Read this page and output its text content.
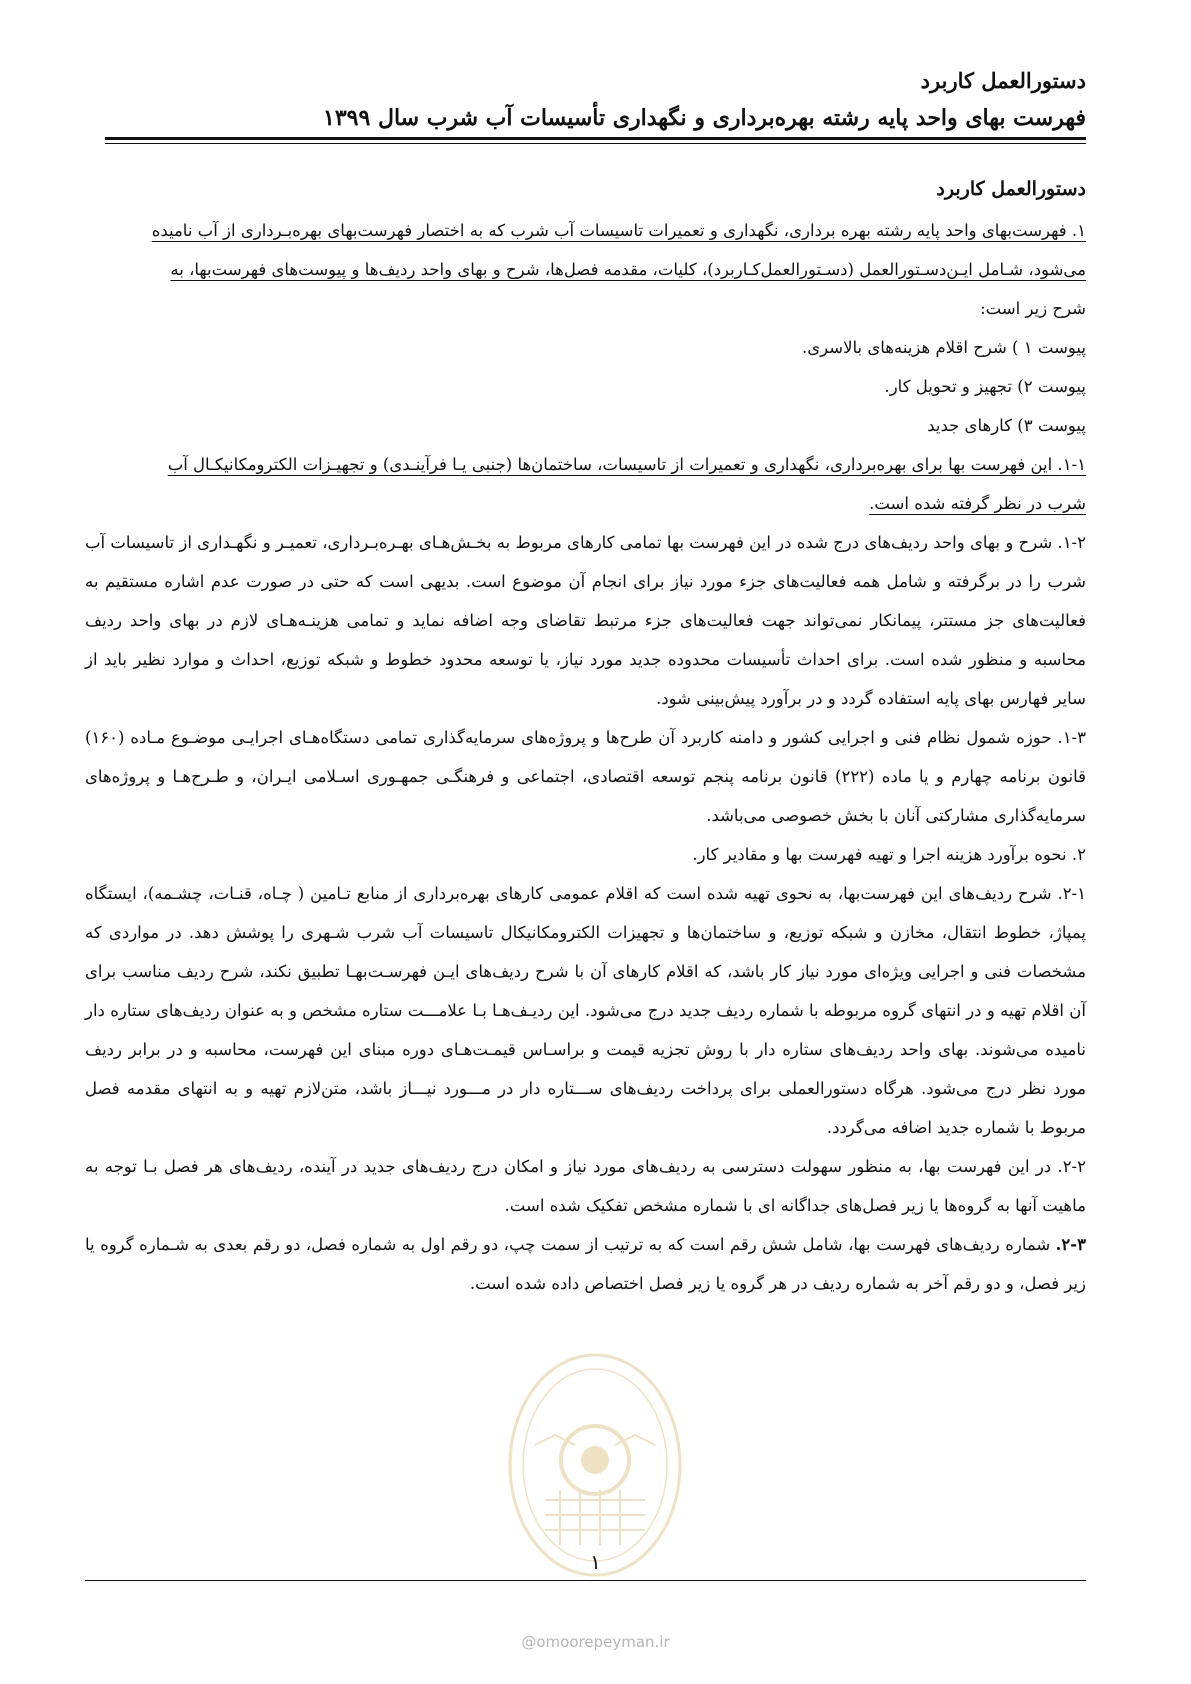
دستورالعمل کاربرد
فهرست بهای واحد پایه رشته بهره‌برداری و نگهداری تأسیسات آب شرب سال ۱۳۹۹

دستورالعمل کاربرد

۱. فهرست‌بهای واحد پایه رشته بهره برداری، نگهداری و تعمیرات تاسیسات آب شرب که به اختصار فهرست‌بهای بهره‌بـرداری از آب نامیده
می‌شود، شـامل ایـن‌دسـتورالعمل (دسـتورالعمل‌کـاربرد)، کلیات، مقدمه فصل‌ها، شرح و بهای واحد ردیف‌ها و پیوست‌های فهرست‌بها، به
شرح زیر است:

پیوست ۱ ) شرح اقلام هزینه‌های بالاسری.

پیوست ۲) تجهیز و تحویل کار.

پیوست ۳) کارهای جدید

۱-۱. این فهرست بها برای بهره‌برداری، نگهداری و تعمیرات از تاسیسات، ساختمان‌ها (جنبی یـا فرآینـدی) و تجهیـزات الکترومکانیکـال آب
شرب در نظر گرفته شده است.

۱-۲. شرح و بهای واحد ردیف‌های درج شده در این فهرست بها تمامی کارهای مربوط به بخـش‌هـای بهـره‌بـرداری، تعمیـر و نگهـداری از تاسیسات آب شرب را در برگرفته و شامل همه فعالیت‌های جزء مورد نیاز برای انجام آن موضوع است. بدیهی است که حتی در صورت عدم اشاره مستقیم به فعالیت‌های جز مستتر، پیمانکار نمی‌تواند جهت فعالیت‌های جزء مرتبط تقاضای وجه اضافه نماید و تمامی هزینـه‌هـای لازم در بهای واحد ردیف محاسبه و منظور شده است. برای احداث تأسیسات محدوده جدید مورد نیاز، یا توسعه محدود خطوط و شبکه توزیع، احداث و موارد نظیر باید از سایر فهارس بهای پایه استفاده گردد و در برآورد پیش‌بینی شود.

۱-۳. حوزه شمول نظام فنی و اجرایی کشور و دامنه کاربرد آن طرح‌ها و پروژه‌های سرمایه‌گذاری تمامی دستگاه‌هـای اجرایـی موضـوع مـاده (۱۶۰) قانون برنامه چهارم و یا ماده (۲۲۲) قانون برنامه پنجم توسعه اقتصادی، اجتماعی و فرهنگـی جمهـوری اسـلامی ایـران، و طـرح‌هـا و پروژه‌های سرمایه‌گذاری مشارکتی آنان با بخش خصوصی می‌باشد.

۲. نحوه برآورد هزینه اجرا و تهیه فهرست بها و مقادیر کار.

۲-۱. شرح ردیف‌های این فهرست‌بها، به نحوی تهیه شده است که اقلام عمومی کارهای بهره‌برداری از منابع تـامین ( چـاه، قنـات، چشـمه)، ایستگاه پمپاژ، خطوط انتقال، مخازن و شبکه توزیع، و ساختمان‌ها و تجهیزات الکترومکانیکال تاسیسات آب شرب شـهری را پوشش دهد. در مواردی که مشخصات فنی و اجرایی ویژه‌ای مورد نیاز کار باشد، که اقلام کارهای آن با شرح ردیف‌های ایـن فهرسـت‌بهـا تطبیق نکند، شرح ردیف مناسب برای آن اقلام تهیه و در انتهای گروه مربوطه با شماره ردیف جدید درج می‌شود. این ردیـف‌هـا بـا علامـــت ستاره مشخص و به عنوان ردیف‌های ستاره دار نامیده می‌شوند. بهای واحد ردیف‌های ستاره دار با روش تجزیه قیمت و براسـاس قیمـت‌هـای دوره مبنای این فهرست، محاسبه و در برابر ردیف مورد نظر درج می‌شود. هرگاه دستورالعملی برای پرداخت ردیف‌های ســـتاره دار در مـــورد نیـــاز باشد، متن‌لازم تهیه و به انتهای مقدمه فصل مربوط با شماره جدید اضافه می‌گردد.

۲-۲. در این فهرست بها، به منظور سهولت دسترسی به ردیف‌های مورد نیاز و امکان درج ردیف‌های جدید در آینده، ردیف‌های هر فصل بـا توجه به ماهیت آنها به گروه‌ها یا زیر فصل‌های جداگانه ای با شماره مشخص تفکیک شده است.

۲-۳. شماره ردیف‌های فهرست بها، شامل شش رقم است که به ترتیب از سمت چپ، دو رقم اول به شماره فصل، دو رقم بعدی به شـماره گروه یا زیر فصل، و دو رقم آخر به شماره ردیف در هر گروه یا زیر فصل اختصاص داده شده است.

۱
@omoorepeyman.ir
